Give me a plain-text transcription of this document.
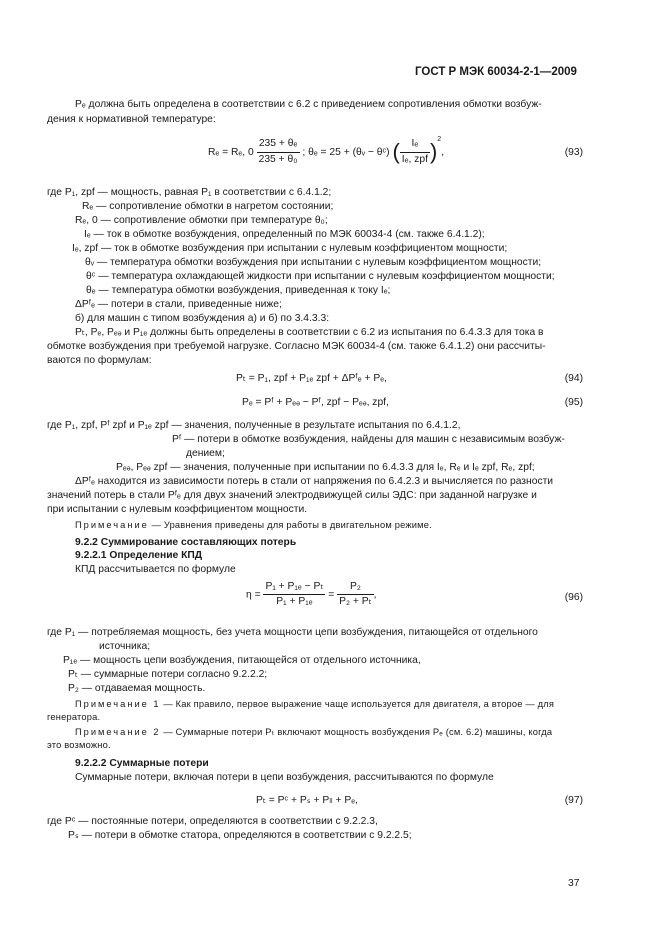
ГОСТ Р МЭК 60034-2-1—2009
Pₑ должна быть определена в соответствии с 6.2 с приведением сопротивления обмотки возбуж-
дения к нормативной температуре:
Rₑ = Rₑ, $0 \frac{\text{235 + θₑ}}{\text{235 + θ₀}}$ ; θₑ = 25 + (θᵥ − θᶜ) ( $\frac{\text{Iₑ}}{\text{Iₑ, zpf}} )^2$,	(93)
где P₁, zpf — мощность, равная P₁ в соответствии с 6.4.1.2;
Rₑ — сопротивление обмотки в нагретом состоянии;
Rₑ, 0 — сопротивление обмотки при температуре θ₀;
Iₑ — ток в обмотке возбуждения, определенный по МЭК 60034-4 (см. также 6.4.1.2);
Iₑ, zpf — ток в обмотке возбуждения при испытании с нулевым коэффициентом мощности;
θᵥ — температура обмотки возбуждения при испытании с нулевым коэффициентом мощности;
θᶜ — температура охлаждающей жидкости при испытании с нулевым коэффициентом мощности;
θₑ — температура обмотки возбуждения, приведенная к току Iₑ;
ΔPᶠₑ — потери в стали, приведенные ниже;
б) для машин с типом возбуждения а) и б) по 3.4.3.3:
Pₜ, Pₑ, Pₑₔ и P₁ₑ должны быть определены в соответствии с 6.2 из испытания по 6.4.3.3 для тока в
обмотке возбуждения при требуемой нагрузке. Согласно МЭК 60034-4 (см. также 6.4.1.2) они рассчиты-
ваются по формулам:
Pₜ = P₁, zpf + P₁ₑ zpf + ΔPᶠₑ + Pₑ,	(94)
Pₑ = Pᶠ + Pₑₔ − Pᶠ, zpf − Pₑₔ, zpf,	(95)
где P₁, zpf, Pᶠ zpf и P₁ₑ zpf — значения, полученные в результате испытания по 6.4.1.2,
Pᶠ — потери в обмотке возбуждения, найдены для машин с независимым возбуж-
дением;
Pₑₔ, Pₑₔ zpf — значения, полученные при испытании по 6.4.3.3 для Iₑ, Rₑ и Iₑ zpf, Rₑ, zpf;
ΔPᶠₑ находится из зависимости потерь в стали от напряжения по 6.4.2.3 и вычисляется по разности
значений потерь в стали Pᶠₑ для двух значений электродвижущей силы ЭДС: при заданной нагрузке и
при испытании с нулевым коэффициентом мощности.
Примечание — Уравнения приведены для работы в двигательном режиме.
9.2.2 Суммирование составляющих потерь
9.2.2.1 Определение КПД
КПД рассчитывается по формуле
$\eta = \frac{\text{P₁ + P₁ₑ − Pₜ}}{\text{P₁ + P₁ₑ}} = \frac{\text{P₂}}{\text{P₂ + Pₜ}}$ ,	(96)
где P₁ — потребляемая мощность, без учета мощности цепи возбуждения, питающейся от отдельного
источника;
P₁ₑ — мощность цепи возбуждения, питающейся от отдельного источника,
Pₜ — суммарные потери согласно 9.2.2.2;
P₂ — отдаваемая мощность.
Примечание 1 — Как правило, первое выражение чаще используется для двигателя, а второе — для
генератора.
Примечание 2 — Суммарные потери Pₜ включают мощность возбуждения Pₑ (см. 6.2) машины, когда
это возможно.
9.2.2.2 Суммарные потери
Суммарные потери, включая потери в цепи возбуждения, рассчитываются по формуле
Pₜ = Pᶜ + Pₛ + Pₗₗ + Pₑ,	(97)
где Pᶜ — постоянные потери, определяются в соответствии с 9.2.2.3,
Pₛ — потери в обмотке статора, определяются в соответствии с 9.2.2.5;
37
